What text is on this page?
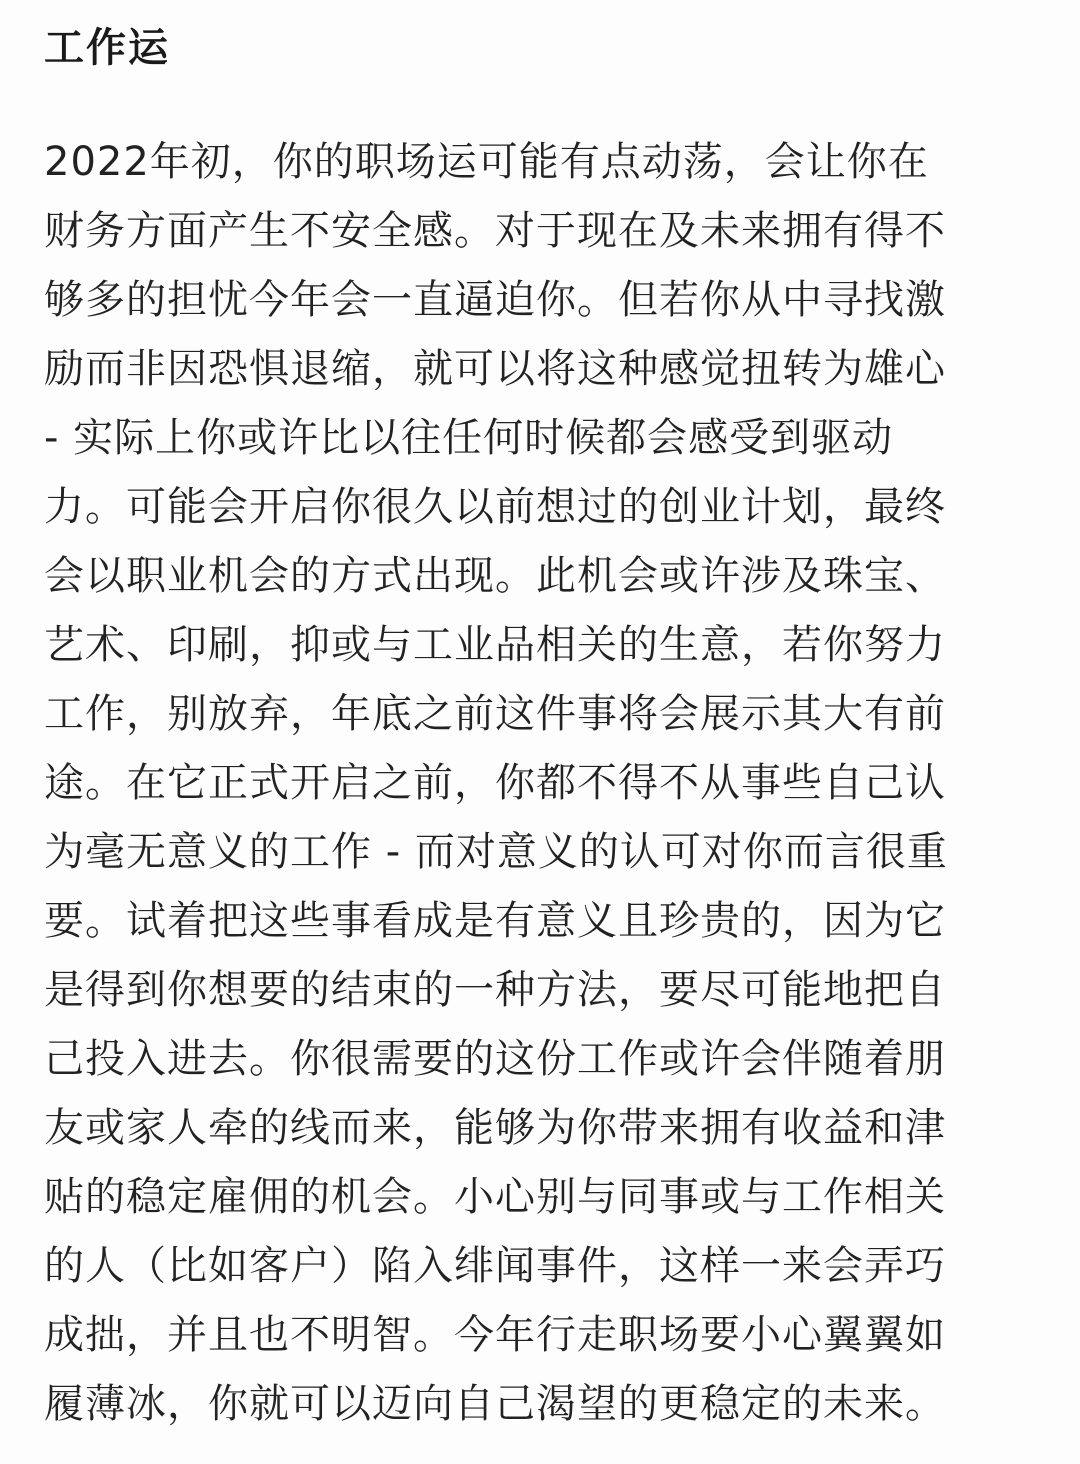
工作运
2022年初，你的职场运可能有点动荡，会让你在
财务方面产生不安全感。对于现在及未来拥有得不
够多的担忧今年会一直逼迫你。但若你从中寻找激
励而非因恐惧退缩，就可以将这种感觉扭转为雄心
- 实际上你或许比以往任何时候都会感受到驱动
力。可能会开启你很久以前想过的创业计划，最终
会以职业机会的方式出现。此机会或许涉及珠宝、
艺术、印刷，抑或与工业品相关的生意，若你努力
工作，别放弃，年底之前这件事将会展示其大有前
途。在它正式开启之前，你都不得不从事些自己认
为毫无意义的工作 - 而对意义的认可对你而言很重
要。试着把这些事看成是有意义且珍贵的，因为它
是得到你想要的结束的一种方法，要尽可能地把自
己投入进去。你很需要的这份工作或许会伴随着朋
友或家人牵的线而来，能够为你带来拥有收益和津
贴的稳定雇佣的机会。小心别与同事或与工作相关
的人（比如客户）陷入绯闻事件，这样一来会弄巧
成拙，并且也不明智。今年行走职场要小心翼翼如
履薄冰，你就可以迈向自己渴望的更稳定的未来。
